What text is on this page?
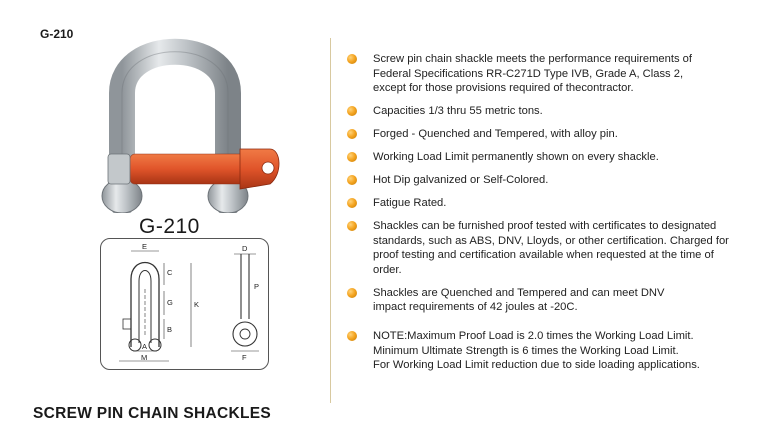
G-210
G-210
E
C
G	K
B
A
M
D
P
F
SCREW PIN CHAIN SHACKLES
Screw pin chain shackle meets the performance requirements of
Federal Specifications RR-C271D Type IVB, Grade A, Class 2,
except for those provisions required of thecontractor.
Capacities 1/3 thru 55 metric tons.
Forged - Quenched and Tempered, with alloy pin.
Working Load Limit permanently shown on every shackle.
Hot Dip galvanized or Self-Colored.
Fatigue Rated.
Shackles can be furnished proof tested with certificates to designated
standards, such as ABS, DNV, Lloyds, or other certification. Charged for
proof testing and certification available when requested at the time of
order.
Shackles are Quenched and Tempered and can meet DNV
impact requirements of 42 joules at -20C.
NOTE:Maximum Proof Load is 2.0 times the Working Load Limit.
Minimum Ultimate Strength is 6 times the Working Load Limit.
For Working Load Limit reduction due to side loading applications.
